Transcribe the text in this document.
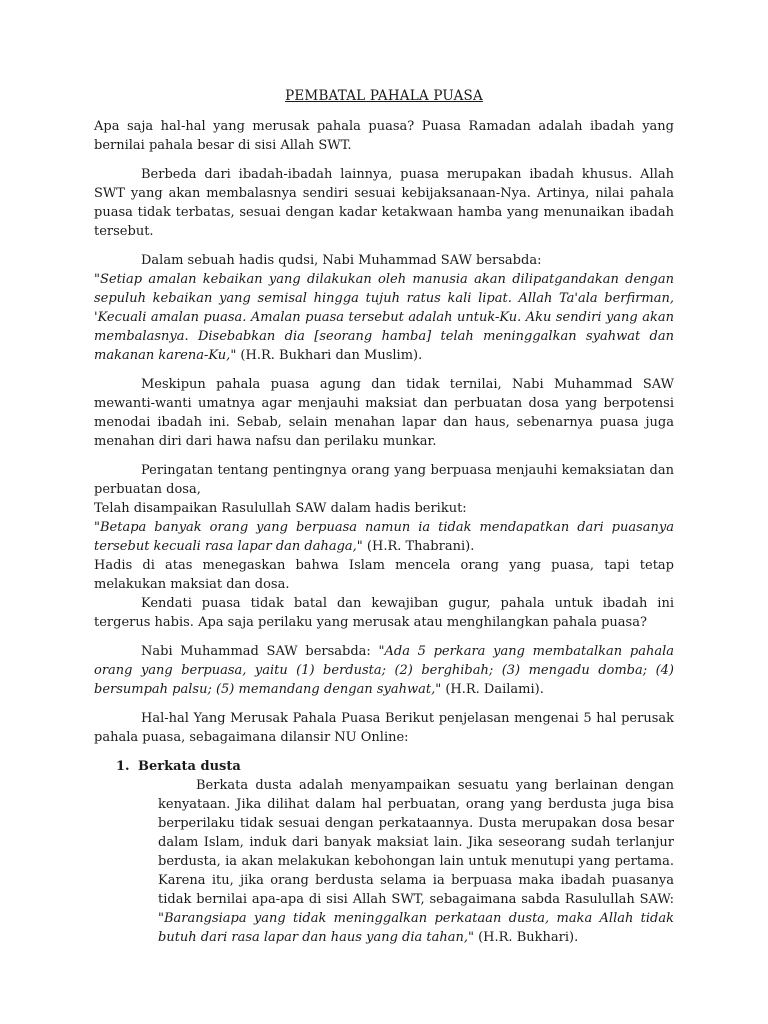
PEMBATAL PAHALA PUASA

Apa saja hal-hal yang merusak pahala puasa? Puasa Ramadan adalah ibadah yang bernilai pahala besar di sisi Allah SWT.

Berbeda dari ibadah-ibadah lainnya, puasa merupakan ibadah khusus. Allah SWT yang akan membalasnya sendiri sesuai kebijaksanaan-Nya. Artinya, nilai pahala puasa tidak terbatas, sesuai dengan kadar ketakwaan hamba yang menunaikan ibadah tersebut.

Dalam sebuah hadis qudsi, Nabi Muhammad SAW bersabda:

"Setiap amalan kebaikan yang dilakukan oleh manusia akan dilipatgandakan dengan sepuluh kebaikan yang semisal hingga tujuh ratus kali lipat. Allah Ta'ala berfirman, 'Kecuali amalan puasa. Amalan puasa tersebut adalah untuk-Ku. Aku sendiri yang akan membalasnya. Disebabkan dia [seorang hamba] telah meninggalkan syahwat dan makanan karena-Ku," (H.R. Bukhari dan Muslim).

Meskipun pahala puasa agung dan tidak ternilai, Nabi Muhammad SAW mewanti-wanti umatnya agar menjauhi maksiat dan perbuatan dosa yang berpotensi menodai ibadah ini. Sebab, selain menahan lapar dan haus, sebenarnya puasa juga menahan diri dari hawa nafsu dan perilaku munkar.

Peringatan tentang pentingnya orang yang berpuasa menjauhi kemaksiatan dan perbuatan dosa,

Telah disampaikan Rasulullah SAW dalam hadis berikut:

"Betapa banyak orang yang berpuasa namun ia tidak mendapatkan dari puasanya tersebut kecuali rasa lapar dan dahaga," (H.R. Thabrani).

Hadis di atas menegaskan bahwa Islam mencela orang yang puasa, tapi tetap melakukan maksiat dan dosa.

Kendati puasa tidak batal dan kewajiban gugur, pahala untuk ibadah ini tergerus habis. Apa saja perilaku yang merusak atau menghilangkan pahala puasa?

Nabi Muhammad SAW bersabda: "Ada 5 perkara yang membatalkan pahala orang yang berpuasa, yaitu (1) berdusta; (2) berghibah; (3) mengadu domba; (4) bersumpah palsu; (5) memandang dengan syahwat," (H.R. Dailami).

Hal-hal Yang Merusak Pahala Puasa Berikut penjelasan mengenai 5 hal perusak pahala puasa, sebagaimana dilansir NU Online:

1. Berkata dusta

Berkata dusta adalah menyampaikan sesuatu yang berlainan dengan kenyataan. Jika dilihat dalam hal perbuatan, orang yang berdusta juga bisa berperilaku tidak sesuai dengan perkataannya. Dusta merupakan dosa besar dalam Islam, induk dari banyak maksiat lain. Jika seseorang sudah terlanjur berdusta, ia akan melakukan kebohongan lain untuk menutupi yang pertama. Karena itu, jika orang berdusta selama ia berpuasa maka ibadah puasanya tidak bernilai apa-apa di sisi Allah SWT, sebagaimana sabda Rasulullah SAW: "Barangsiapa yang tidak meninggalkan perkataan dusta, maka Allah tidak butuh dari rasa lapar dan haus yang dia tahan," (H.R. Bukhari).
